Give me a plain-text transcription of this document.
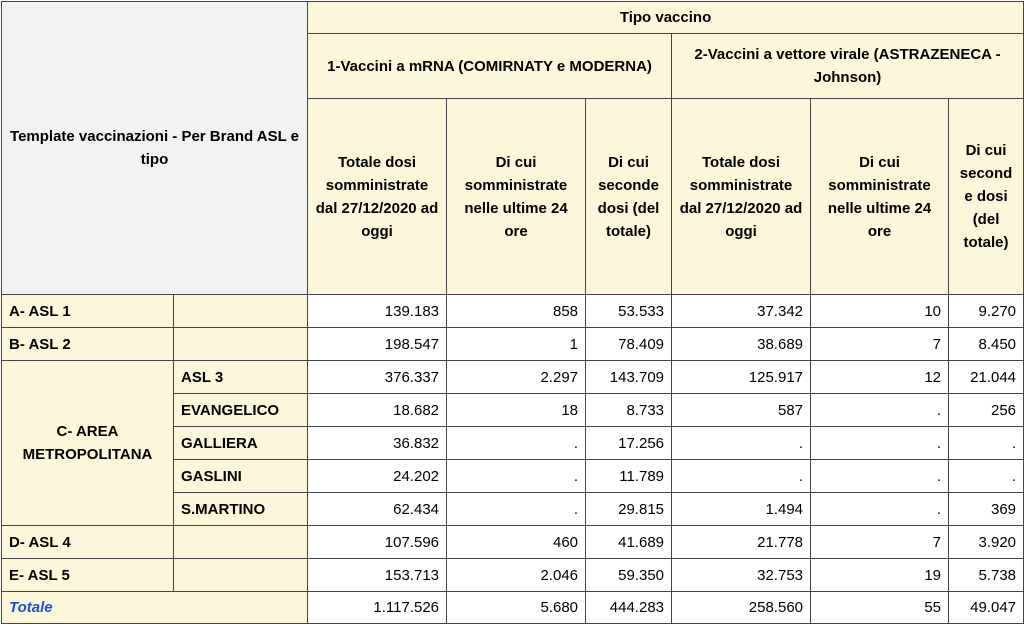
Template vaccinazioni - Per Brand ASL e tipo		Tipo vaccino					
		1-Vaccini a mRNA (COMIRNATY e MODERNA)			2-Vaccini a vettore virale (ASTRAZENECA - Johnson)		
		Totale dosi somministrate dal 27/12/2020 ad oggi	Di cui somministrate nelle ultime 24 ore	Di cui seconde dosi (del totale)	Totale dosi somministrate dal 27/12/2020 ad oggi	Di cui somministrate nelle ultime 24 ore	Di cui second e dosi (del totale)
A- ASL 1		139.183	858	53.533	37.342	10	9.270
B- ASL 2		198.547	1	78.409	38.689	7	8.450
C- AREA METROPOLITANA	ASL 3	376.337	2.297	143.709	125.917	12	21.044
	EVANGELICO	18.682	18	8.733	587	.	256
	GALLIERA	36.832	.	17.256	.	.	.
	GASLINI	24.202	.	11.789	.	.	.
	S.MARTINO	62.434	.	29.815	1.494	.	369
D- ASL 4		107.596	460	41.689	21.778	7	3.920
E- ASL 5		153.713	2.046	59.350	32.753	19	5.738
Totale		1.117.526	5.680	444.283	258.560	55	49.047
